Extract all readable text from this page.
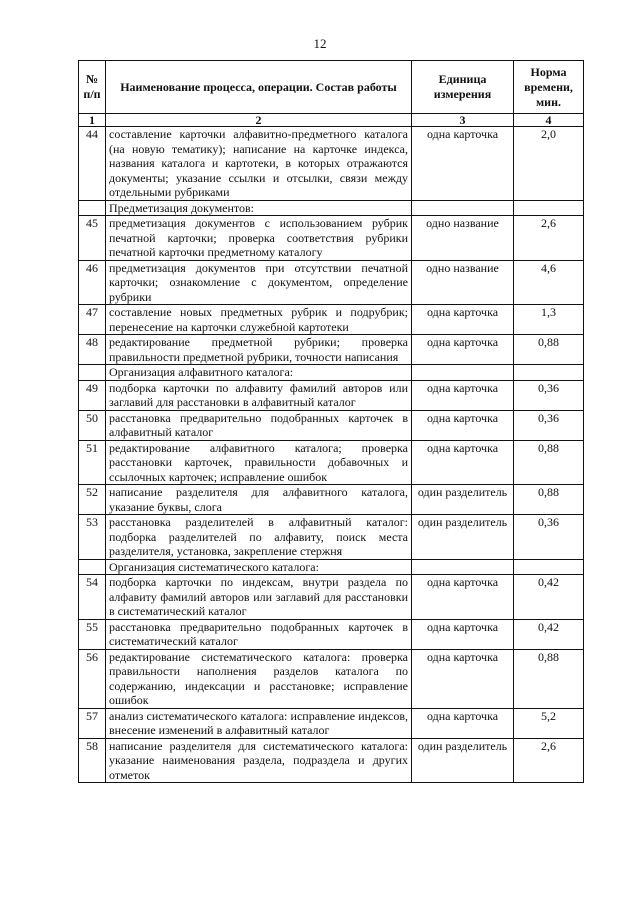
12
№ п/п	Наименование процесса, операции. Состав работы	Единица измерения	Норма времени, мин.
1	2	3	4
44	составление карточки алфавитно-предметного каталога (на новую тематику); написание на карточке индекса, названия каталога и картотеки, в которых отражаются документы; указание ссылки и отсылки, связи между отдельными рубриками	одна карточка	2,0
	Предметизация документов:		
45	предметизация документов с использованием рубрик печатной карточки; проверка соответствия рубрики печатной карточки предметному каталогу	одно название	2,6
46	предметизация документов при отсутствии печатной карточки; ознакомление с документом, определение рубрики	одно название	4,6
47	составление новых предметных рубрик и подрубрик; перенесение на карточки служебной картотеки	одна карточка	1,3
48	редактирование предметной рубрики; проверка правильности предметной рубрики, точности написания	одна карточка	0,88
	Организация алфавитного каталога:		
49	подборка карточки по алфавиту фамилий авторов или заглавий для расстановки в алфавитный каталог	одна карточка	0,36
50	расстановка предварительно подобранных карточек в алфавитный каталог	одна карточка	0,36
51	редактирование алфавитного каталога; проверка расстановки карточек, правильности добавочных и ссылочных карточек; исправление ошибок	одна карточка	0,88
52	написание разделителя для алфавитного каталога, указание буквы, слога	один разделитель	0,88
53	расстановка разделителей в алфавитный каталог: подборка разделителей по алфавиту, поиск места разделителя, установка, закрепление стержня	один разделитель	0,36
	Организация систематического каталога:		
54	подборка карточки по индексам, внутри раздела по алфавиту фамилий авторов или заглавий для расстановки в систематический каталог	одна карточка	0,42
55	расстановка предварительно подобранных карточек в систематический каталог	одна карточка	0,42
56	редактирование систематического каталога: проверка правильности наполнения разделов каталога по содержанию, индексации и расстановке; исправление ошибок	одна карточка	0,88
57	анализ систематического каталога: исправление индексов, внесение изменений в алфавитный каталог	одна карточка	5,2
58	написание разделителя для систематического каталога: указание наименования раздела, подраздела и других отметок	один разделитель	2,6
